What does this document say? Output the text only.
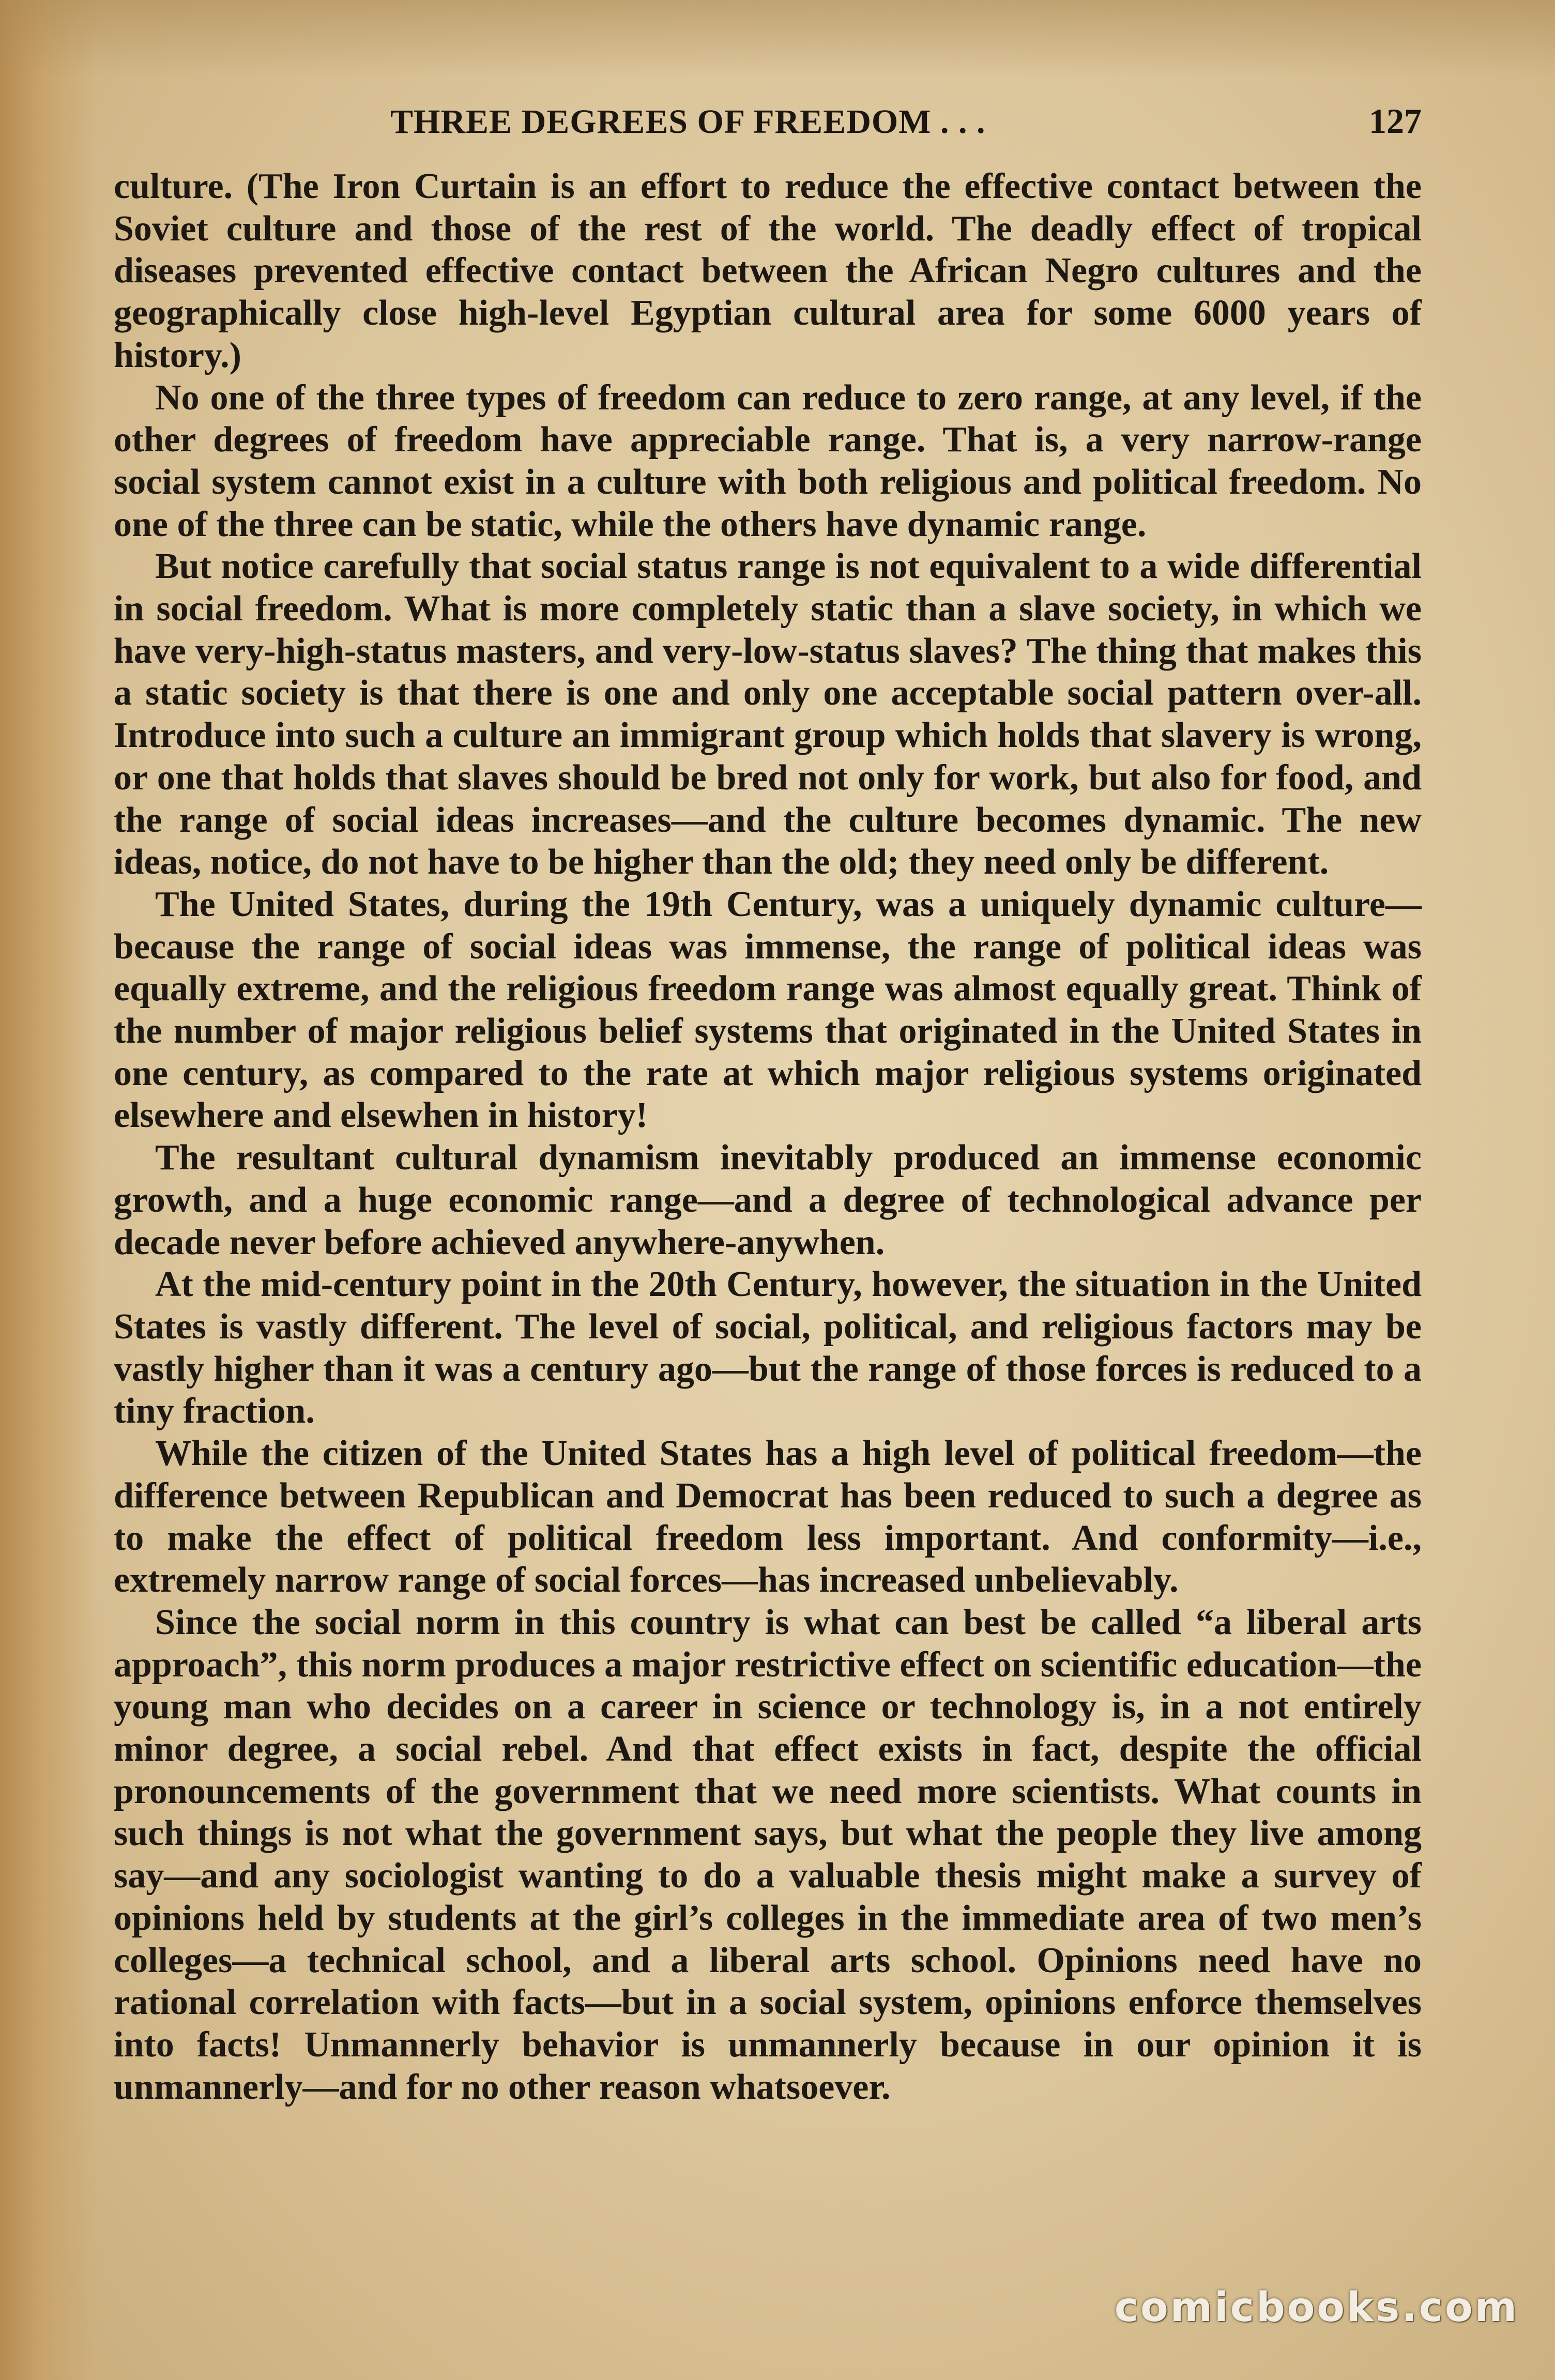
THREE DEGREES OF FREEDOM . . .	127

culture. (The Iron Curtain is an effort to reduce the effective contact between the Soviet culture and those of the rest of the world. The deadly effect of tropical diseases prevented effective contact between the African Negro cultures and the geographically close high-level Egyptian cultural area for some 6000 years of history.)

No one of the three types of freedom can reduce to zero range, at any level, if the other degrees of freedom have appreciable range. That is, a very narrow-range social system cannot exist in a culture with both religious and political freedom. No one of the three can be static, while the others have dynamic range.

But notice carefully that social status range is not equivalent to a wide differential in social freedom. What is more completely static than a slave society, in which we have very-high-status masters, and very-low-status slaves? The thing that makes this a static society is that there is one and only one acceptable social pattern over-all. Introduce into such a culture an immigrant group which holds that slavery is wrong, or one that holds that slaves should be bred not only for work, but also for food, and the range of social ideas increases—and the culture becomes dynamic. The new ideas, notice, do not have to be higher than the old; they need only be different.

The United States, during the 19th Century, was a uniquely dynamic culture—because the range of social ideas was immense, the range of political ideas was equally extreme, and the religious freedom range was almost equally great. Think of the number of major religious belief systems that originated in the United States in one century, as compared to the rate at which major religious systems originated elsewhere and elsewhen in history!

The resultant cultural dynamism inevitably produced an immense economic growth, and a huge economic range—and a degree of technological advance per decade never before achieved anywhere-anywhen.

At the mid-century point in the 20th Century, however, the situation in the United States is vastly different. The level of social, political, and religious factors may be vastly higher than it was a century ago—but the range of those forces is reduced to a tiny fraction.

While the citizen of the United States has a high level of political freedom—the difference between Republican and Democrat has been reduced to such a degree as to make the effect of political freedom less important. And conformity—i.e., extremely narrow range of social forces—has increased unbelievably.

Since the social norm in this country is what can best be called “a liberal arts approach”, this norm produces a major restrictive effect on scientific education—the young man who decides on a career in science or technology is, in a not entirely minor degree, a social rebel. And that effect exists in fact, despite the official pronouncements of the government that we need more scientists. What counts in such things is not what the government says, but what the people they live among say—and any sociologist wanting to do a valuable thesis might make a survey of opinions held by students at the girl’s colleges in the immediate area of two men’s colleges—a technical school, and a liberal arts school. Opinions need have no rational correlation with facts—but in a social system, opinions enforce themselves into facts! Unmannerly behavior is unmannerly because in our opinion it is unmannerly—and for no other reason whatsoever.

comicbooks.com
